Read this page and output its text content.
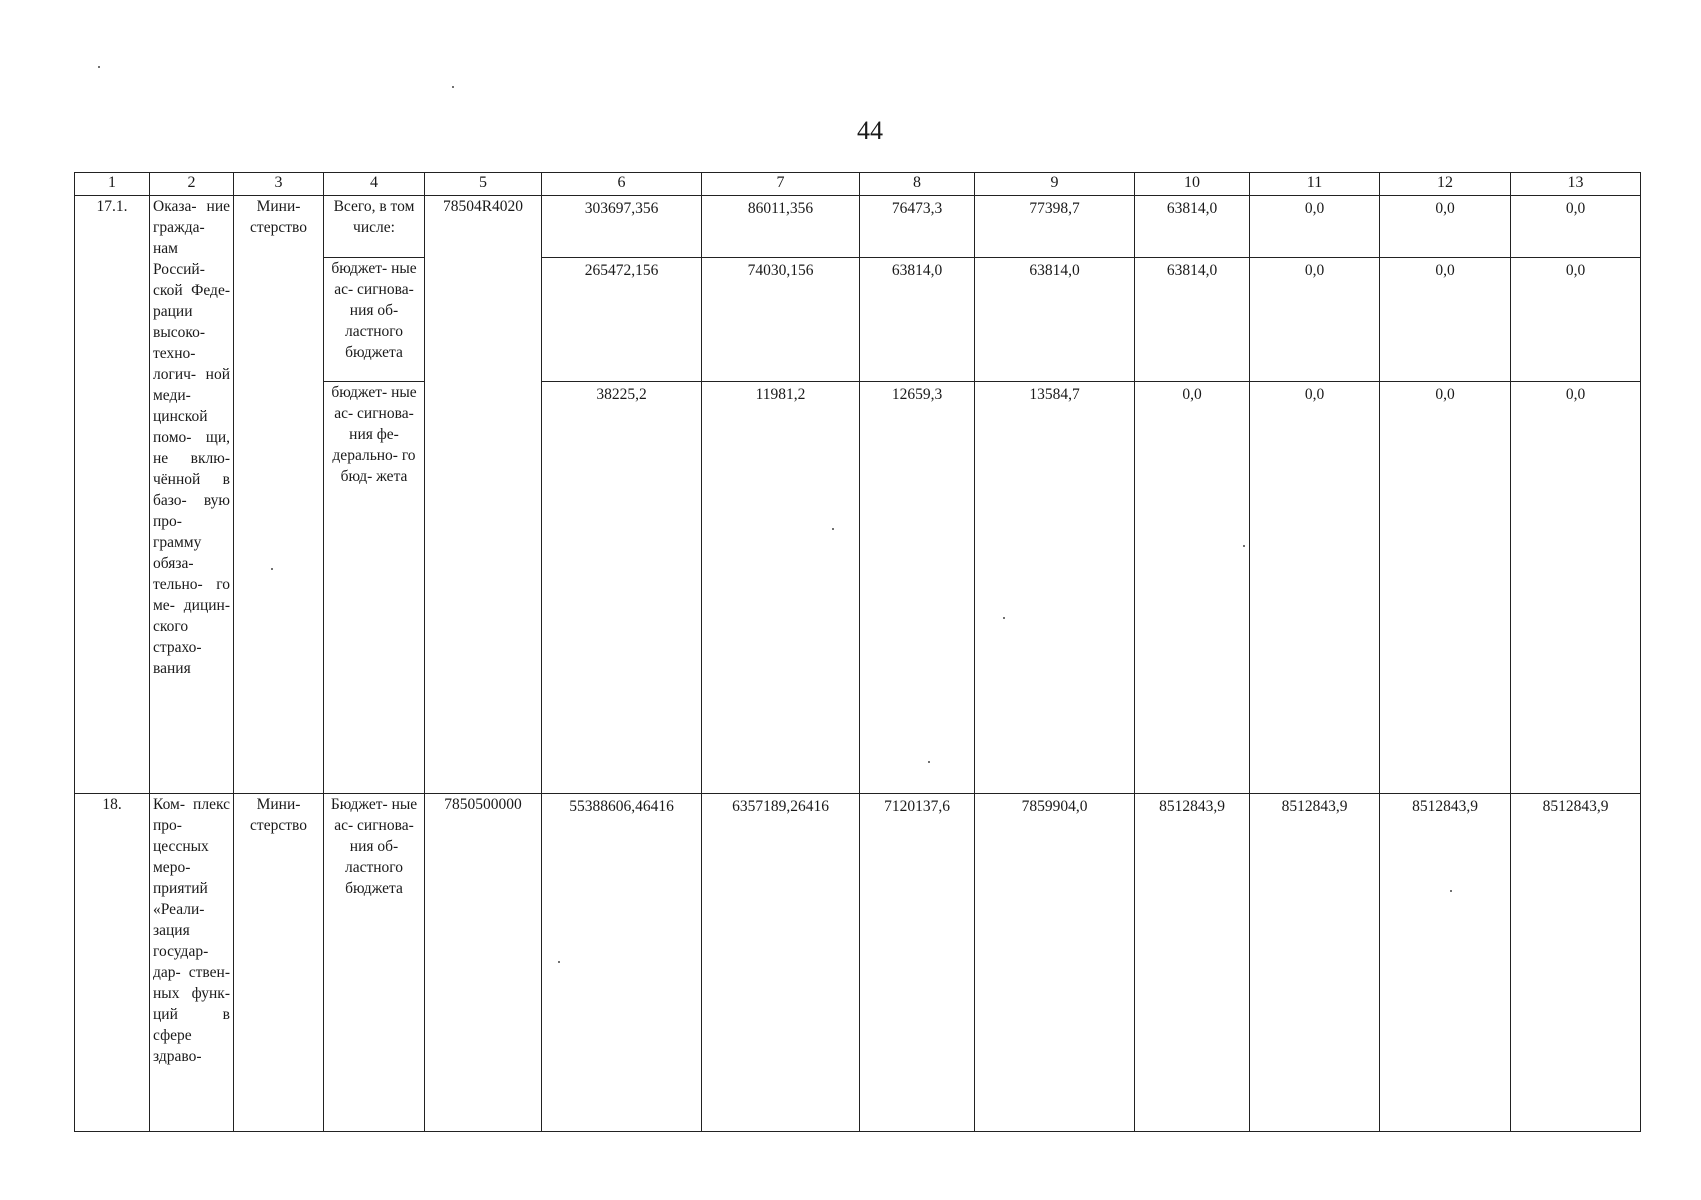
44
1	2	3	4	5	6	7	8	9	10	11	12	13
17.1.	Оказа- ние гражда- нам Россий- ской Феде- рации высоко- техно- логич- ной меди- цинской помо- щи, не вклю- чённой в базо- вую про- грамму обяза- тельно- го ме- дицин- ского страхо- вания	Мини- стерство	Всего, в том числе:	78504R4020	303697,356	86011,356	76473,3	77398,7	63814,0	0,0	0,0	0,0
			бюджет- ные ас- сигнова- ния об- ластного бюджета		265472,156	74030,156	63814,0	63814,0	63814,0	0,0	0,0	0,0
			бюджет- ные ас- сигнова- ния фе- дерально- го бюд- жета		38225,2	11981,2	12659,3	13584,7	0,0	0,0	0,0	0,0
18.	Ком- плекс про- цессных меро- приятий «Реали- зация государ- дар- ствен- ных функ- ций в сфере здраво-	Мини- стерство	Бюджет- ные ас- сигнова- ния об- ластного бюджета	7850500000	55388606,46416	6357189,26416	7120137,6	7859904,0	8512843,9	8512843,9	8512843,9	8512843,9
